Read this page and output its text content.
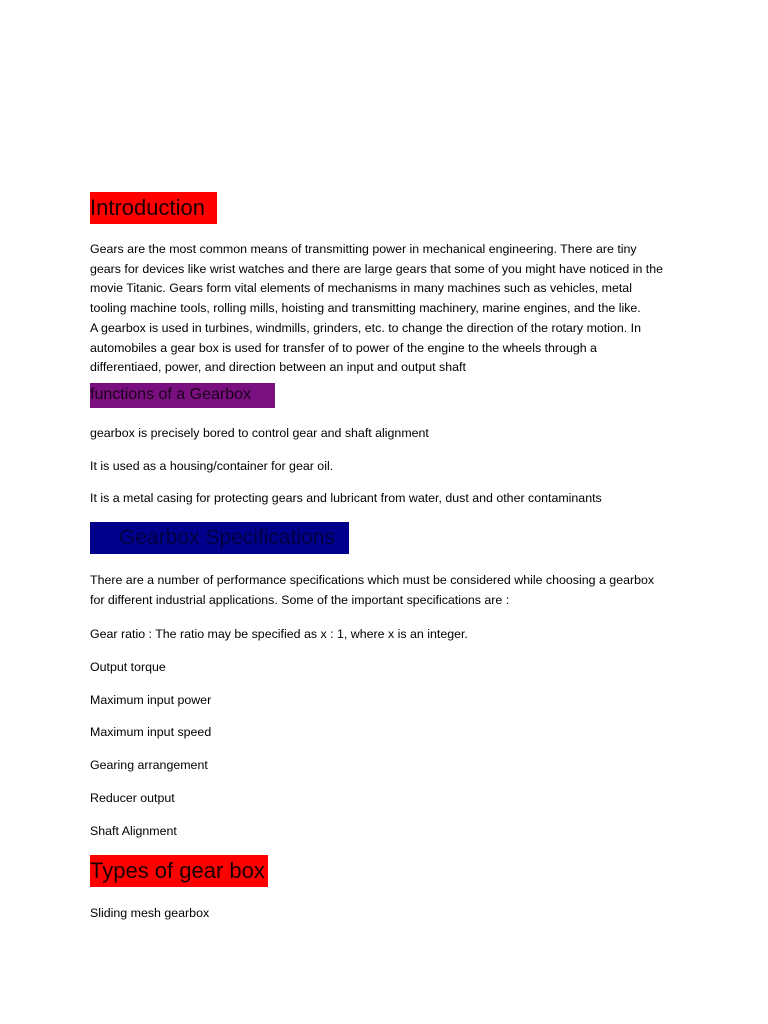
Introduction
Gears are the most common means of transmitting power in mechanical engineering. There are tiny
gears for devices like wrist watches and there are large gears that some of you might have noticed in the
movie Titanic. Gears form vital elements of mechanisms in many machines such as vehicles, metal
tooling machine tools, rolling mills, hoisting and transmitting machinery, marine engines, and the like.
A gearbox is used in turbines, windmills, grinders, etc. to change the direction of the rotary motion. In
automobiles a gear box is used for transfer of to power of the engine to the wheels through a
differentiaed, power, and direction between an input and output shaft
functions of a Gearbox
gearbox is precisely bored to control gear and shaft alignment
It is used as a housing/container for gear oil.
It is a metal casing for protecting gears and lubricant from water, dust and other contaminants
Gearbox Specifications
There are a number of performance specifications which must be considered while choosing a gearbox
for different industrial applications. Some of the important specifications are :
Gear ratio : The ratio may be specified as x : 1, where x is an integer.
Output torque
Maximum input power
Maximum input speed
Gearing arrangement
Reducer output
Shaft Alignment
Types of gear box
Sliding mesh gearbox
